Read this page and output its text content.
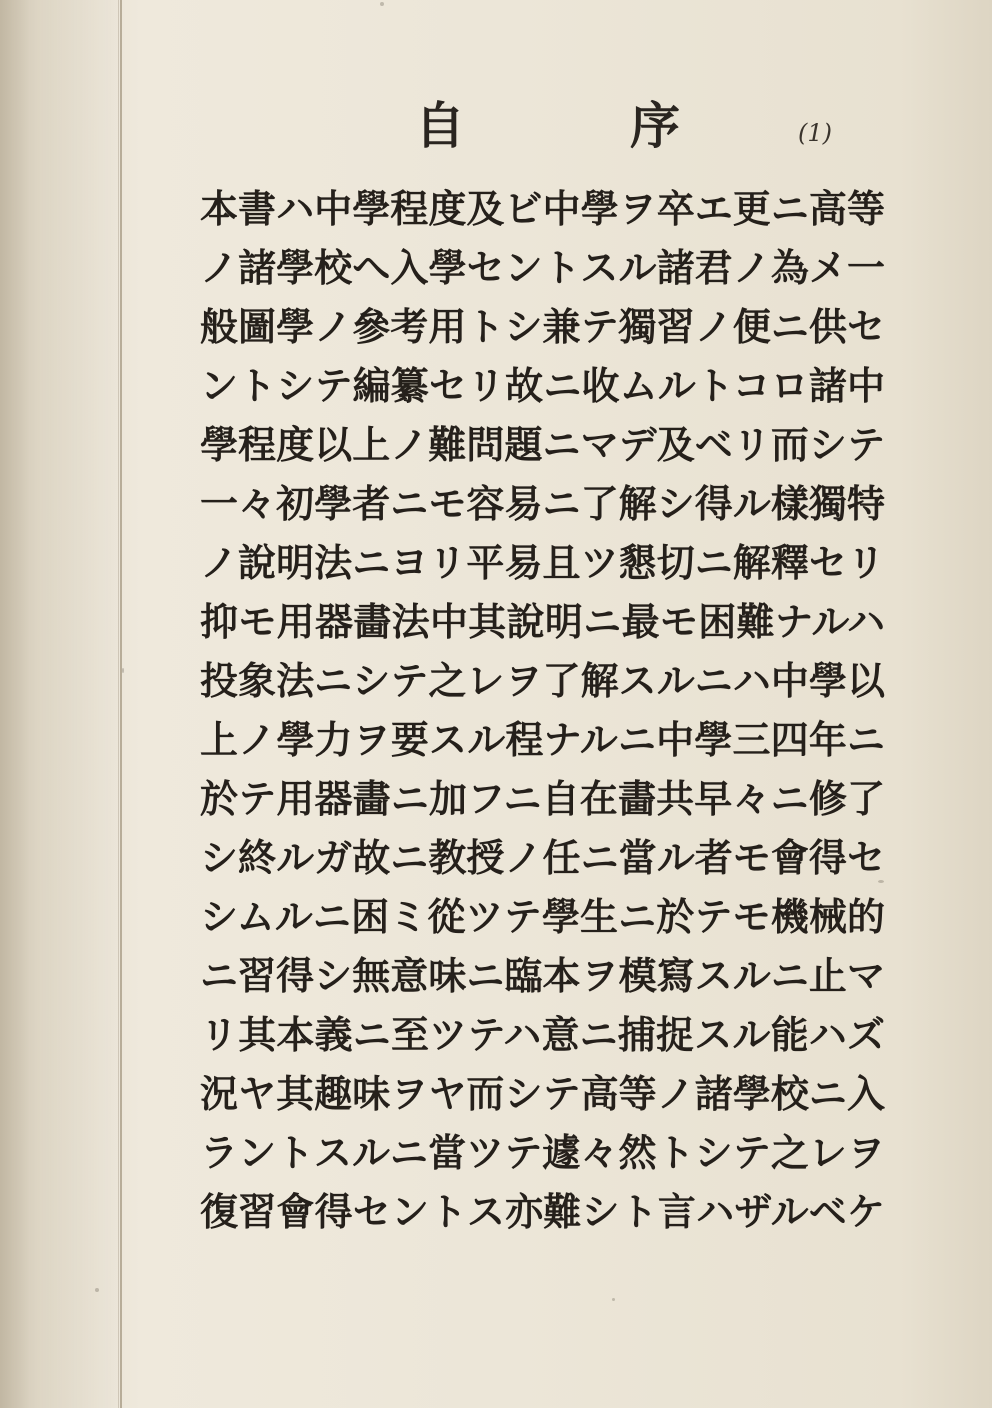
自	序	(1)
本書ハ中學程度及ビ中學ヲ卒エ更ニ高等
ノ諸學校へ入學セントスル諸君ノ為メ一
般圖學ノ參考用トシ兼テ獨習ノ便ニ供セ
ントシテ編纂セリ故ニ收ムルトコロ諸中
學程度以上ノ難問題ニマデ及ベリ而シテ
一々初學者ニモ容易ニ了解シ得ル樣獨特
ノ說明法ニヨリ平易且ツ懇切ニ解釋セリ
抑モ用器畵法中其說明ニ最モ困難ナルハ
投象法ニシテ之レヲ了解スルニハ中學以
上ノ學力ヲ要スル程ナルニ中學三四年ニ
於テ用器畵ニ加フニ自在畵共早々ニ修了
シ終ルガ故ニ教授ノ任ニ當ル者モ會得セ
シムルニ困ミ從ツテ學生ニ於テモ機械的
ニ習得シ無意味ニ臨本ヲ模寫スルニ止マ
リ其本義ニ至ツテハ意ニ捕捉スル能ハズ
況ヤ其趣味ヲヤ而シテ高等ノ諸學校ニ入
ラントスルニ當ツテ遽々然トシテ之レヲ
復習會得セントス亦難シト言ハザルベケ
